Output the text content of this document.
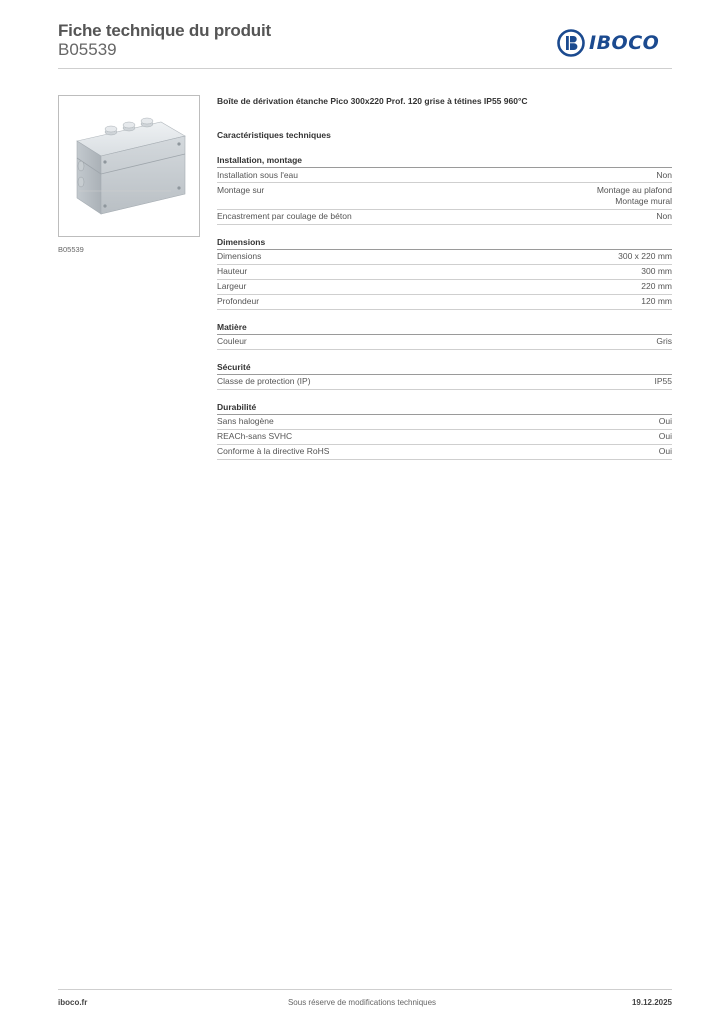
Fiche technique du produit
B05539	IBOCO
B05539
Boîte de dérivation étanche Pico 300x220 Prof. 120 grise à tétines IP55 960°C
Caractéristiques techniques
Installation, montage
Installation sous l'eau	Non
Montage sur	Montage au plafond
Montage mural
Encastrement par coulage de béton	Non
Dimensions
Dimensions	300 x 220 mm
Hauteur	300 mm
Largeur	220 mm
Profondeur	120 mm
Matière
Couleur	Gris
Sécurité
Classe de protection (IP)	IP55
Durabilité
Sans halogène	Oui
REACh-sans SVHC	Oui
Conforme à la directive RoHS	Oui
iboco.fr	Sous réserve de modifications techniques	19.12.2025
